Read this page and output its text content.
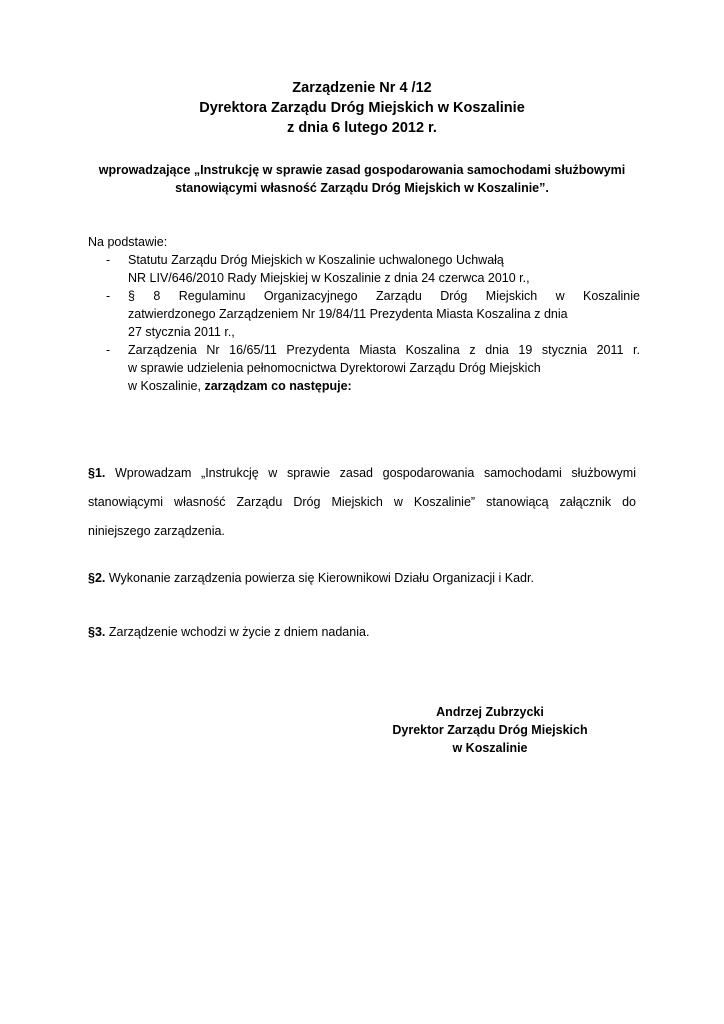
Zarządzenie Nr 4 /12
Dyrektora Zarządu Dróg Miejskich w Koszalinie
z dnia 6 lutego 2012 r.
wprowadzające „Instrukcję w sprawie zasad gospodarowania samochodami służbowymi
stanowiącymi własność Zarządu Dróg Miejskich w Koszalinie”.
Na podstawie:
- Statutu Zarządu Dróg Miejskich w Koszalinie uchwalonego Uchwałą
NR LIV/646/2010 Rady Miejskiej w Koszalinie z dnia 24 czerwca 2010 r.,
- § 8 Regulaminu Organizacyjnego Zarządu Dróg Miejskich w Koszalinie
zatwierdzonego Zarządzeniem Nr 19/84/11 Prezydenta Miasta Koszalina z dnia
27 stycznia 2011 r.,
- Zarządzenia Nr 16/65/11 Prezydenta Miasta Koszalina z dnia 19 stycznia 2011 r.
w sprawie udzielenia pełnomocnictwa Dyrektorowi Zarządu Dróg Miejskich
w Koszalinie, zarządzam co następuje:
§1. Wprowadzam „Instrukcję w sprawie zasad gospodarowania samochodami służbowymi
stanowiącymi własność Zarządu Dróg Miejskich w Koszalinie” stanowiącą załącznik do
niniejszego zarządzenia.
§2. Wykonanie zarządzenia powierza się Kierownikowi Działu Organizacji i Kadr.
§3. Zarządzenie wchodzi w życie z dniem nadania.
Andrzej Zubrzycki
Dyrektor Zarządu Dróg Miejskich
w Koszalinie
